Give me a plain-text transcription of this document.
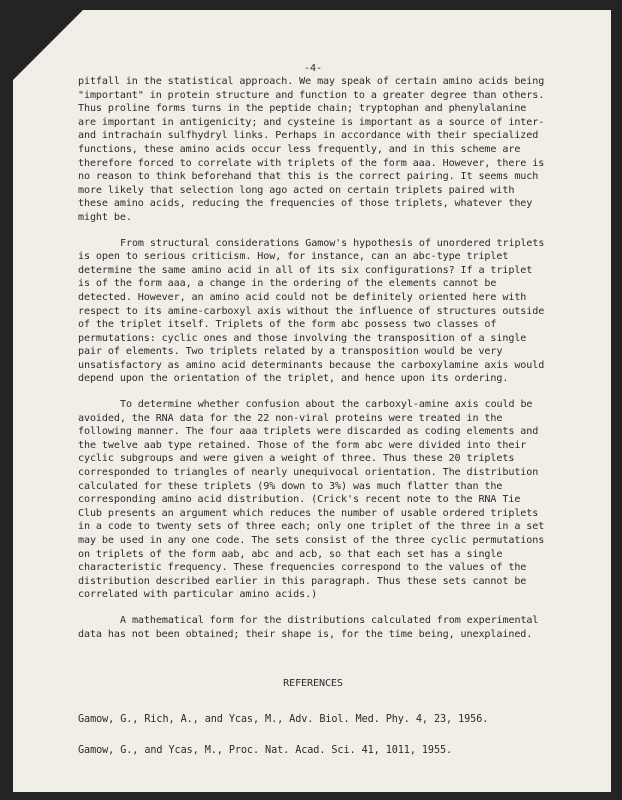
-4-

pitfall in the statistical approach. We may speak of certain amino acids being "important" in protein structure and function to a greater degree than others. Thus proline forms turns in the peptide chain; tryptophan and phenylalanine are important in antigenicity; and cysteine is important as a source of inter- and intrachain sulfhydryl links. Perhaps in accordance with their specialized functions, these amino acids occur less frequently, and in this scheme are therefore forced to correlate with triplets of the form aaa. However, there is no reason to think beforehand that this is the correct pairing. It seems much more likely that selection long ago acted on certain triplets paired with these amino acids, reducing the frequencies of those triplets, whatever they might be.

From structural considerations Gamow's hypothesis of unordered triplets is open to serious criticism. How, for instance, can an abc-type triplet determine the same amino acid in all of its six configurations? If a triplet is of the form aaa, a change in the ordering of the elements cannot be detected. However, an amino acid could not be definitely oriented here with respect to its amine-carboxyl axis without the influence of structures outside of the triplet itself. Triplets of the form abc possess two classes of permutations: cyclic ones and those involving the transposition of a single pair of elements. Two triplets related by a transposition would be very unsatisfactory as amino acid determinants because the carboxylamine axis would depend upon the orientation of the triplet, and hence upon its ordering.

To determine whether confusion about the carboxyl-amine axis could be avoided, the RNA data for the 22 non-viral proteins were treated in the following manner. The four aaa triplets were discarded as coding elements and the twelve aab type retained. Those of the form abc were divided into their cyclic subgroups and were given a weight of three. Thus these 20 triplets corresponded to triangles of nearly unequivocal orientation. The distribution calculated for these triplets (9% down to 3%) was much flatter than the corresponding amino acid distribution. (Crick's recent note to the RNA Tie Club presents an argument which reduces the number of usable ordered triplets in a code to twenty sets of three each; only one triplet of the three in a set may be used in any one code. The sets consist of the three cyclic permutations on triplets of the form aab, abc and acb, so that each set has a single characteristic frequency. These frequencies correspond to the values of the distribution described earlier in this paragraph. Thus these sets cannot be correlated with particular amino acids.)

A mathematical form for the distributions calculated from experimental data has not been obtained; their shape is, for the time being, unexplained.

REFERENCES

Gamow, G., Rich, A., and Ycas, M., Adv. Biol. Med. Phy. 4, 23, 1956.

Gamow, G., and Ycas, M., Proc. Nat. Acad. Sci. 41, 1011, 1955.
